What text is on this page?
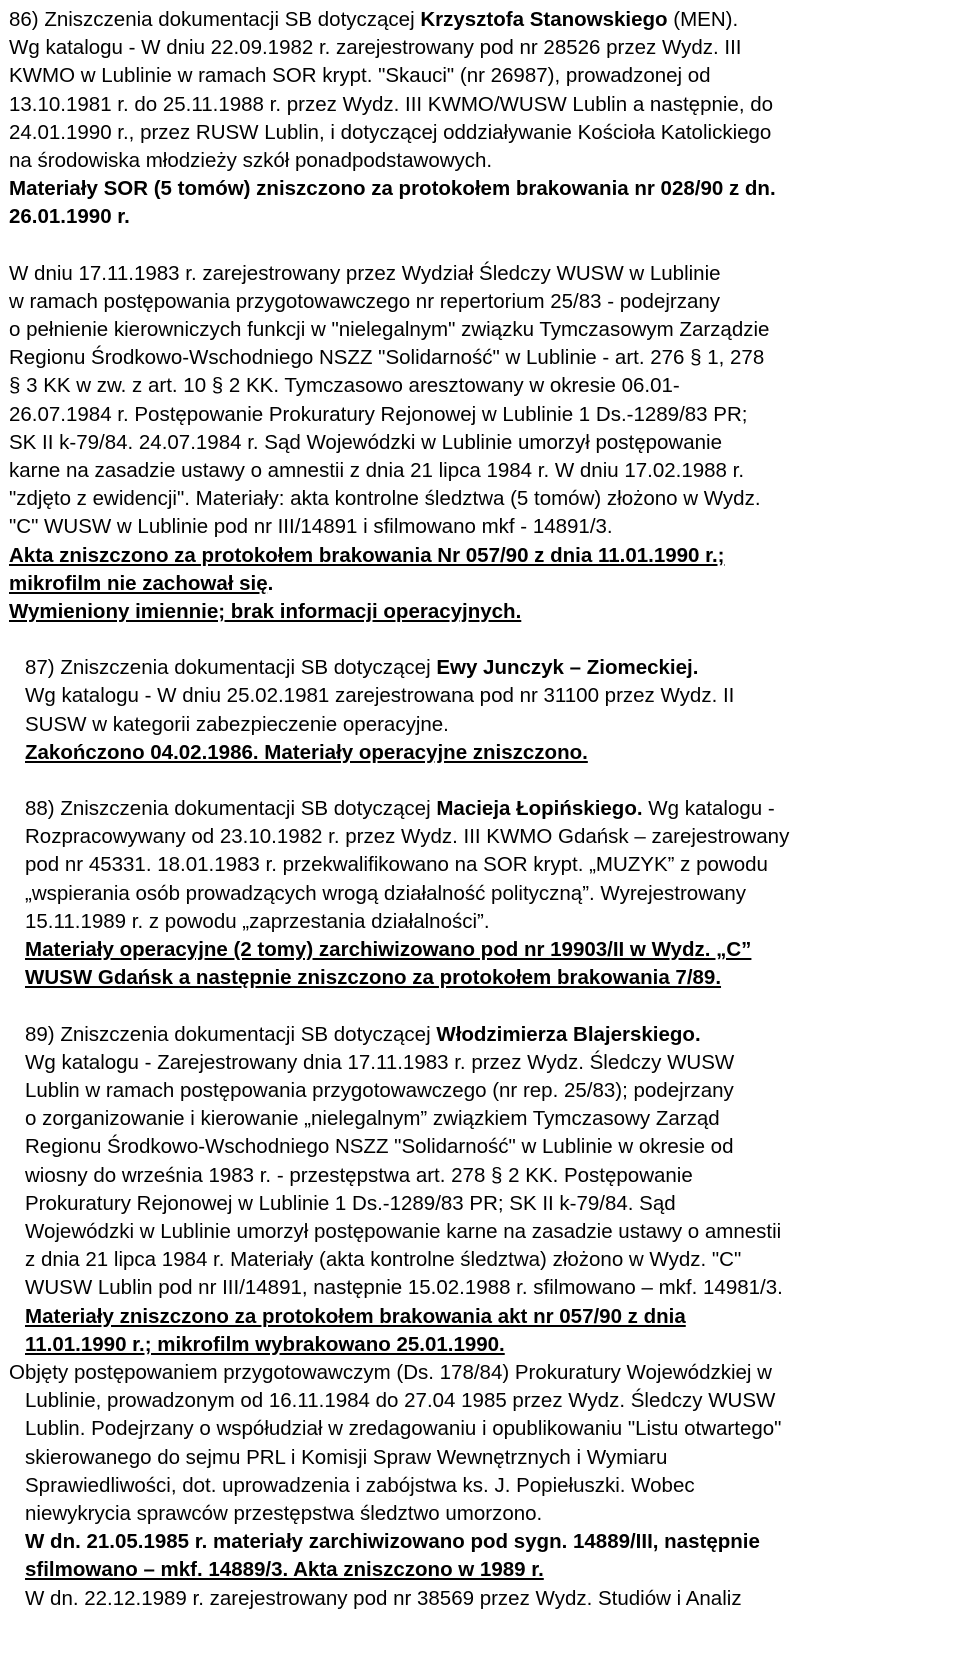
86) Zniszczenia dokumentacji SB dotyczącej Krzysztofa Stanowskiego (MEN).
Wg katalogu - W dniu 22.09.1982 r. zarejestrowany pod nr 28526 przez Wydz. III
KWMO w Lublinie w ramach SOR krypt. "Skauci" (nr 26987), prowadzonej od
13.10.1981 r. do 25.11.1988 r. przez Wydz. III KWMO/WUSW Lublin a następnie, do
24.01.1990 r., przez RUSW Lublin, i dotyczącej oddziaływanie Kościoła Katolickiego
na środowiska młodzieży szkół ponadpodstawowych.
Materiały SOR (5 tomów) zniszczono za protokołem brakowania nr 028/90 z dn.
26.01.1990 r.
W dniu 17.11.1983 r. zarejestrowany przez Wydział Śledczy WUSW w Lublinie
w ramach postępowania przygotowawczego nr repertorium 25/83 - podejrzany
o pełnienie kierowniczych funkcji w "nielegalnym" związku Tymczasowym Zarządzie
Regionu Środkowo-Wschodniego NSZZ "Solidarność" w Lublinie - art. 276 § 1, 278
§ 3 KK w zw. z art. 10 § 2 KK. Tymczasowo aresztowany w okresie 06.01-
26.07.1984 r. Postępowanie Prokuratury Rejonowej w Lublinie 1 Ds.-1289/83 PR;
SK II k-79/84. 24.07.1984 r. Sąd Wojewódzki w Lublinie umorzył postępowanie
karne na zasadzie ustawy o amnestii z dnia 21 lipca 1984 r. W dniu 17.02.1988 r.
"zdjęto z ewidencji". Materiały: akta kontrolne śledztwa (5 tomów) złożono w Wydz.
"C" WUSW w Lublinie pod nr III/14891 i sfilmowano mkf - 14891/3.
Akta zniszczono za protokołem brakowania Nr 057/90 z dnia 11.01.1990 r.;
mikrofilm nie zachował się.
Wymieniony imiennie; brak informacji operacyjnych.
87) Zniszczenia dokumentacji SB dotyczącej Ewy Junczyk – Ziomeckiej.
Wg katalogu - W dniu 25.02.1981 zarejestrowana pod nr 31100 przez Wydz. II
SUSW w kategorii zabezpieczenie operacyjne.
Zakończono 04.02.1986. Materiały operacyjne zniszczono.
88) Zniszczenia dokumentacji SB dotyczącej Macieja Łopińskiego. Wg katalogu -
Rozpracowywany od 23.10.1982 r. przez Wydz. III KWMO Gdańsk – zarejestrowany
pod nr 45331. 18.01.1983 r. przekwalifikowano na SOR krypt. „MUZYK” z powodu
„wspierania osób prowadzących wrogą działalność polityczną”. Wyrejestrowany
15.11.1989 r. z powodu „zaprzestania działalności”.
Materiały operacyjne (2 tomy) zarchiwizowano pod nr 19903/II w Wydz. „C”
WUSW Gdańsk a następnie zniszczono za protokołem brakowania 7/89.
89) Zniszczenia dokumentacji SB dotyczącej Włodzimierza Blajerskiego.
Wg katalogu - Zarejestrowany dnia 17.11.1983 r. przez Wydz. Śledczy WUSW
Lublin w ramach postępowania przygotowawczego (nr rep. 25/83); podejrzany
o zorganizowanie i kierowanie „nielegalnym” związkiem Tymczasowy Zarząd
Regionu Środkowo-Wschodniego NSZZ "Solidarność" w Lublinie w okresie od
wiosny do września 1983 r. - przestępstwa art. 278 § 2 KK. Postępowanie
Prokuratury Rejonowej w Lublinie 1 Ds.-1289/83 PR; SK II k-79/84. Sąd
Wojewódzki w Lublinie umorzył postępowanie karne na zasadzie ustawy o amnestii
z dnia 21 lipca 1984 r. Materiały (akta kontrolne śledztwa) złożono w Wydz. "C"
WUSW Lublin pod nr III/14891, następnie 15.02.1988 r. sfilmowano – mkf. 14981/3.
Materiały zniszczono za protokołem brakowania akt nr 057/90 z dnia
11.01.1990 r.; mikrofilm wybrakowano 25.01.1990.
Objęty postępowaniem przygotowawczym (Ds. 178/84) Prokuratury Wojewódzkiej w
Lublinie, prowadzonym od 16.11.1984 do 27.04 1985 przez Wydz. Śledczy WUSW
Lublin. Podejrzany o współudział w zredagowaniu i opublikowaniu "Listu otwartego"
skierowanego do sejmu PRL i Komisji Spraw Wewnętrznych i Wymiaru
Sprawiedliwości, dot. uprowadzenia i zabójstwa ks. J. Popiełuszki. Wobec
niewykrycia sprawców przestępstwa śledztwo umorzono.
W dn. 21.05.1985 r. materiały zarchiwizowano pod sygn. 14889/III, następnie
sfilmowano – mkf. 14889/3. Akta zniszczono w 1989 r.
W dn. 22.12.1989 r. zarejestrowany pod nr 38569 przez Wydz. Studiów i Analiz
